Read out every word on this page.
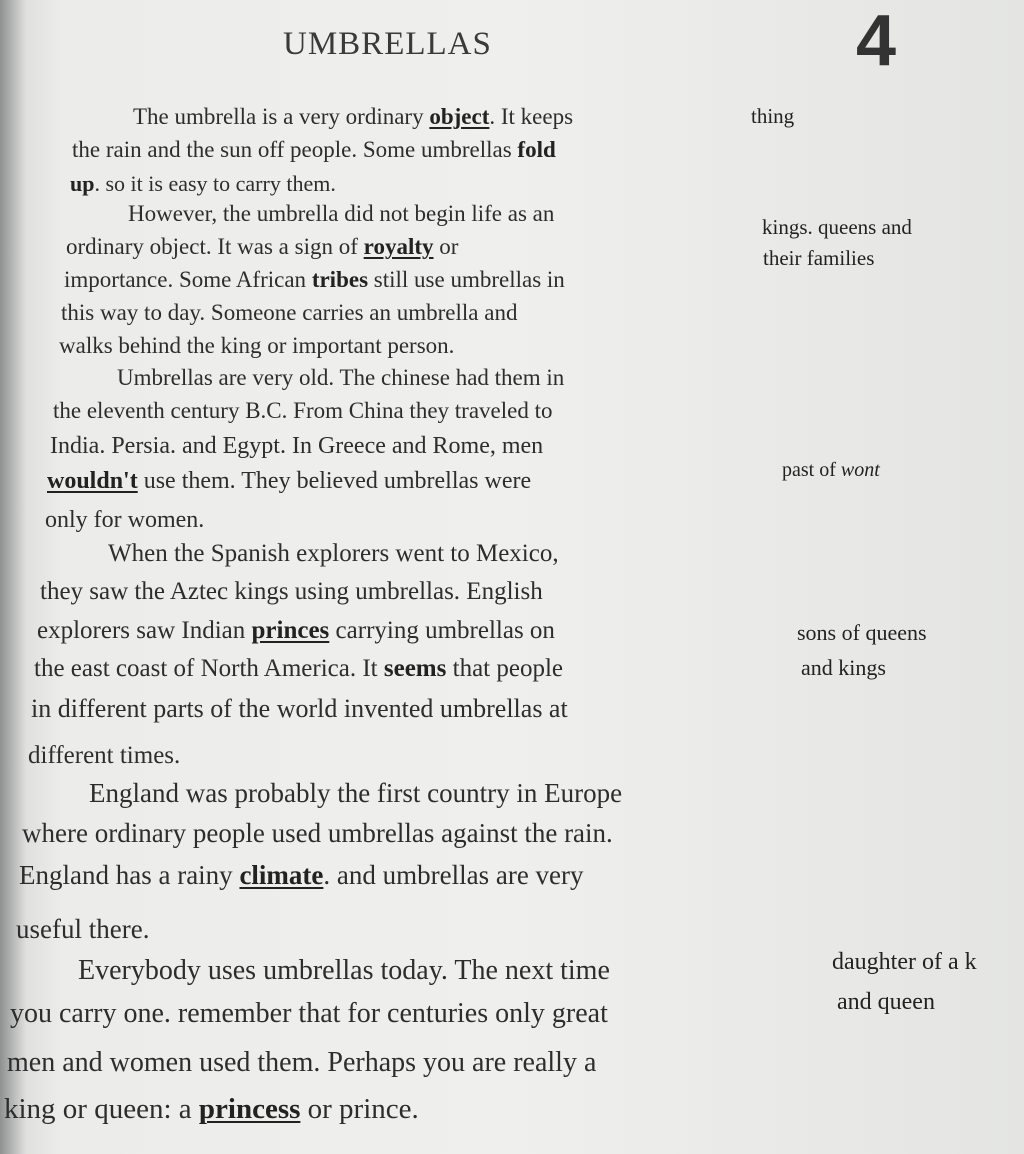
UMBRELLAS	4
The umbrella is a very ordinary object. It keeps
the rain and the sun off people. Some umbrellas fold
up. so it is easy to carry them.
However, the umbrella did not begin life as an
ordinary object. It was a sign of royalty or
importance. Some African tribes still use umbrellas in
this way to day. Someone carries an umbrella and
walks behind the king or important person.
Umbrellas are very old. The chinese had them in
the eleventh century B.C. From China they traveled to
India. Persia. and Egypt. In Greece and Rome, men
wouldn't use them. They believed umbrellas were
only for women.
When the Spanish explorers went to Mexico,
they saw the Aztec kings using umbrellas. English
explorers saw Indian princes carrying umbrellas on
the east coast of North America. It seems that people
in different parts of the world invented umbrellas at
different times.
England was probably the first country in Europe
where ordinary people used umbrellas against the rain.
England has a rainy climate. and umbrellas are very
useful there.
Everybody uses umbrellas today. The next time
you carry one. remember that for centuries only great
men and women used them. Perhaps you are really a
king or queen: a princess or prince.
thing
kings. queens and
their families
past of wont
sons of queens
and kings
daughter of a k
and queen
